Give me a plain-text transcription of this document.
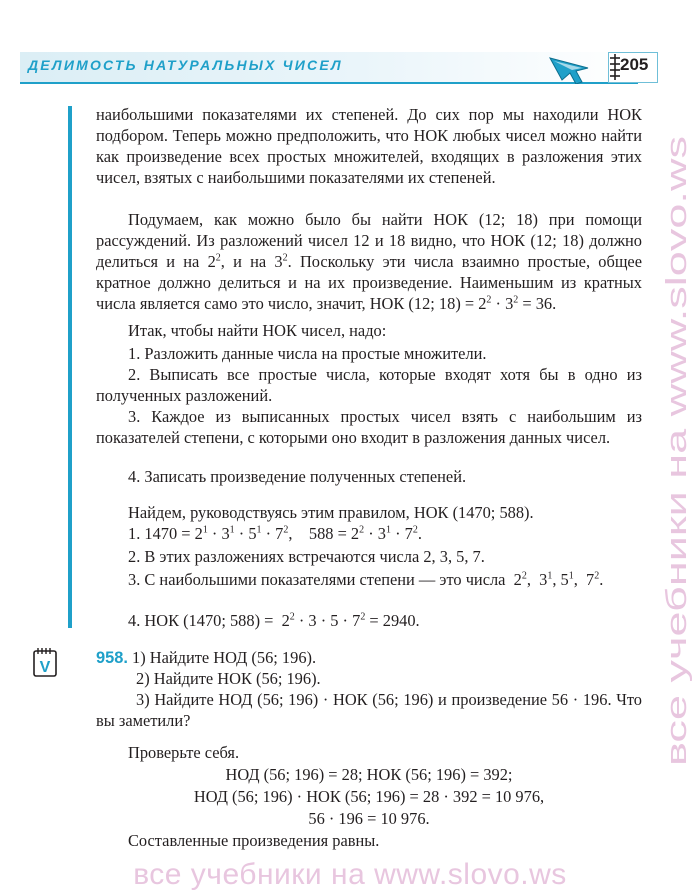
ДЕЛИМОСТЬ НАТУРАЛЬНЫХ ЧИСЕЛ	205

наибольшими показателями их степеней. До сих пор мы находили НОК подбором. Теперь можно предположить, что НОК любых чисел можно найти как произведение всех простых множителей, входящих в разложения этих чисел, взятых с наибольшими показателями их степеней.

Подумаем, как можно было бы найти НОК (12; 18) при помощи рассуждений. Из разложений чисел 12 и 18 видно, что НОК (12; 18) должно делиться и на $2^2$, и на $3^2$. Поскольку эти числа взаимно простые, общее кратное должно делиться и на их произведение. Наименьшим из кратных числа является само это число, значит, НОК (12; $18) = 2^2 \cdot 3^2 = 36$.

Итак, чтобы найти НОК чисел, надо:

1. Разложить данные числа на простые множители.

2. Выписать все простые числа, которые входят хотя бы в одно из полученных разложений.

3. Каждое из выписанных простых чисел взять с наибольшим из показателей степени, с которыми оно входит в разложения данных чисел.

4. Записать произведение полученных степеней.

Найдем, руководствуясь этим правилом, НОК (1470; 588).

1. $1470 = 2^1 \cdot 3^1 \cdot 5^1 \cdot 7^2$,    $588 = 2^2 \cdot 3^1 \cdot 7^2$.

2. В этих разложениях встречаются числа 2, 3, 5, 7.

3. С наибольшими показателями степени — это числа  $2^2$,  $3^1$, $5^1$,  $7^2$.

4. НОК (1470; $588) = 2^2 \cdot 3 \cdot 5 \cdot 7^2 = 2940$.

V
958. 1) Найдите НОД (56; 196).

2) Найдите НОК (56; 196).

3) Найдите НОД (56; 196) · НОК (56; 196) и произведение 56 · 196. Что вы заметили?

Проверьте себя.

НОД (56; 196) = 28; НОК (56; 196) = 392;

НОД (56; 196) · НОК (56; 196) = 28 · 392 = 10 976,

56 · 196 = 10 976.

Составленные произведения равны.

все учебники на www.slovo.ws
все учебники на www.slovo.ws
